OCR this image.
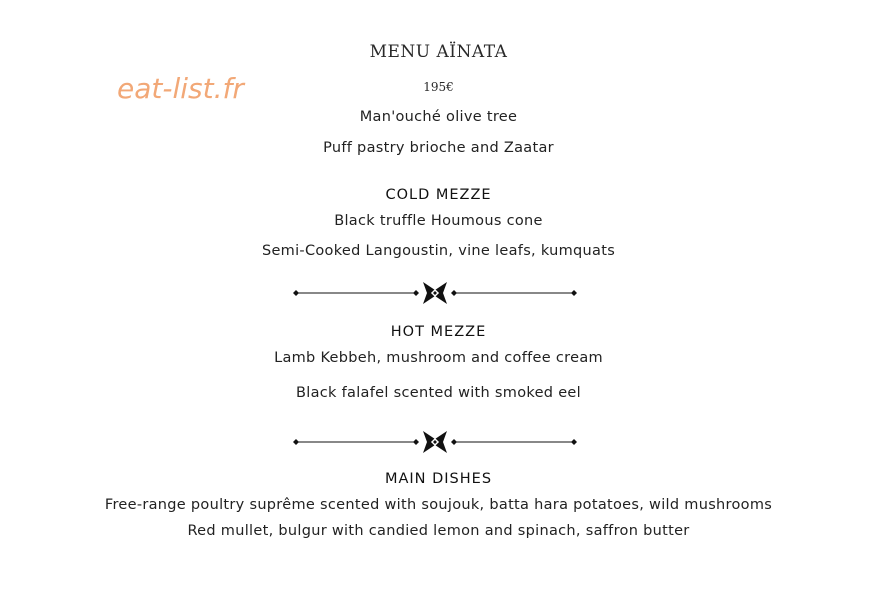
eat-list.fr
MENU AÏNATA
195€
Man'ouché olive tree
Puff pastry brioche and Zaatar
COLD MEZZE
Black truffle Houmous cone
Semi-Cooked Langoustin, vine leafs, kumquats
HOT MEZZE
Lamb Kebbeh, mushroom and coffee cream
Black falafel scented with smoked eel
MAIN DISHES
Free-range poultry suprême scented with soujouk, batta hara potatoes, wild mushrooms
Red mullet, bulgur with candied lemon and spinach, saffron butter
